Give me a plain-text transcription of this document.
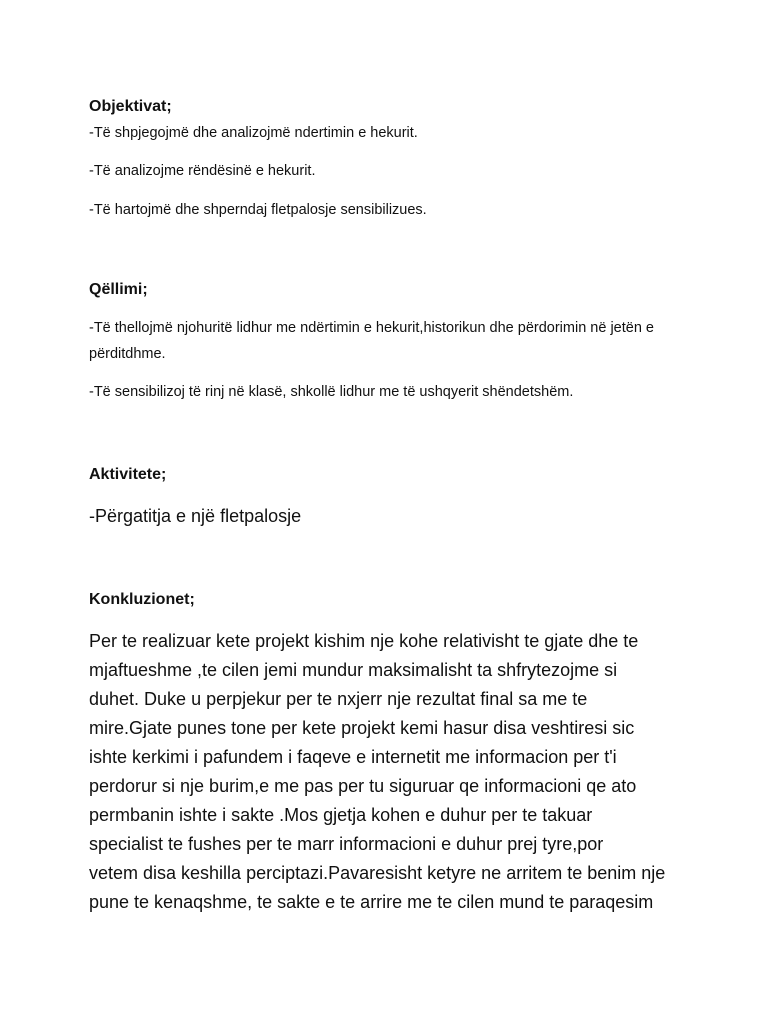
Objektivat;

-Të shpjegojmë dhe analizojmë ndertimin e hekurit.

-Të analizojme rëndësinë e hekurit.

-Të hartojmë dhe shperndaj fletpalosje sensibilizues.

Qëllimi;

-Të thellojmë njohuritë lidhur me ndërtimin e hekurit,historikun dhe përdorimin në jetën e përditdhme.

-Të sensibilizoj të rinj në klasë, shkollë lidhur me të ushqyerit shëndetshëm.

Aktivitete;

-Përgatitja e një fletpalosje

Konkluzionet;

Per te realizuar kete projekt kishim nje kohe relativisht te gjate dhe te

mjaftueshme ,te cilen jemi mundur maksimalisht ta shfrytezojme si

duhet. Duke u perpjekur per te nxjerr nje rezultat final sa me te

mire.Gjate punes tone per kete projekt kemi hasur disa veshtiresi sic

ishte kerkimi i pafundem i faqeve e internetit me informacion per t'i

perdorur si nje burim,e me pas per tu siguruar qe informacioni qe ato

permbanin ishte i sakte .Mos gjetja kohen e duhur per te takuar

specialist te fushes per te marr informacioni e duhur prej tyre,por

vetem disa keshilla perciptazi.Pavaresisht ketyre ne arritem te benim nje

pune te kenaqshme, te sakte e te arrire me te cilen mund te paraqesim
